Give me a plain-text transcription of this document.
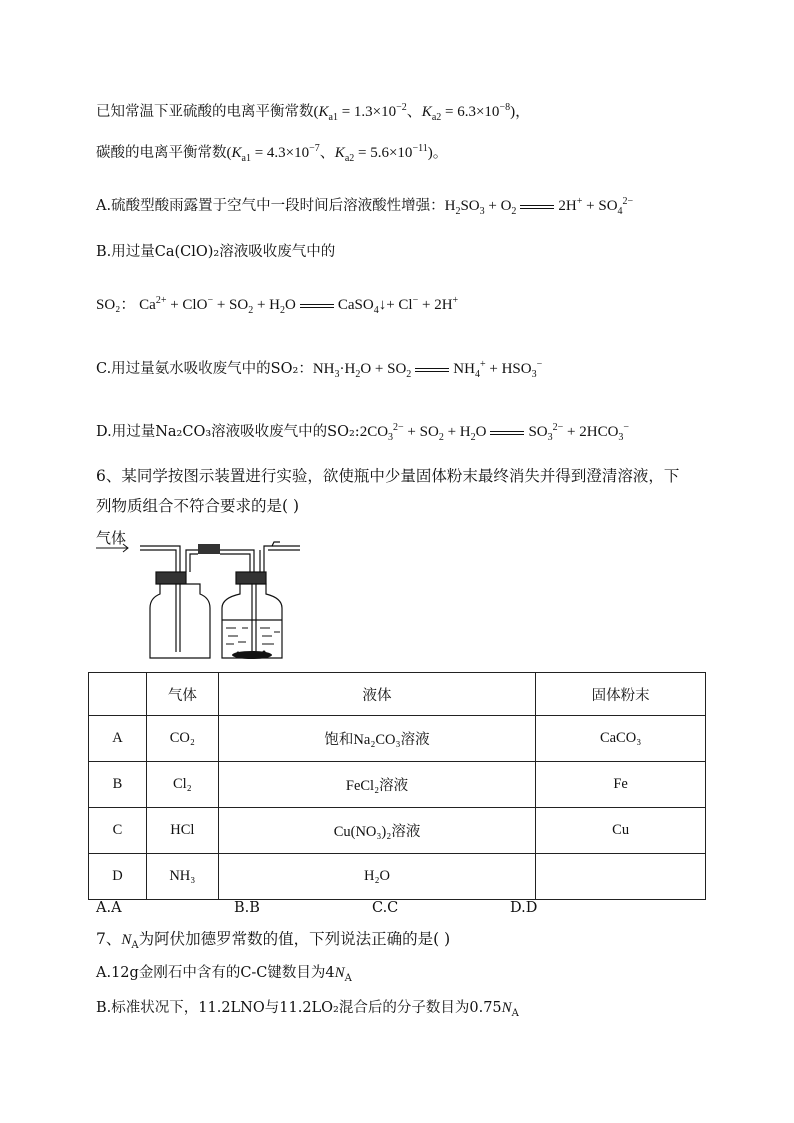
已知常温下亚硫酸的电离平衡常数($K_{a1} = 1.3\times 10^{-2}$、$K_{a2} = 6.3\times 10^{-8}$)，
碳酸的电离平衡常数($K_{a1} = 4.3\times 10^{-7}$、$K_{a2} = 5.6\times 10^{-11}$)。
A.硫酸型酸雨露置于空气中一段时间后溶液酸性增强：$H_2SO_3 + O_2$	$2H^+ + SO_4^{2-}$
B.用过量Ca(ClO)₂溶液吸收废气中的
SO₂： $Ca^{2+} + ClO^- + SO_2 + H_2O$	CaSO$_4$↓+ Cl− + 2H+
C.用过量氨水吸收废气中的SO₂：$NH_3\cdot H_2O + SO_2$	$NH_4^+ + HSO_3^-$
D.用过量Na₂CO₃溶液吸收废气中的$SO_2:2CO_3^{2-} + SO_2 + H_2O$	$SO_3^{2-} + 2HCO_3^-$
6、某同学按图示装置进行实验，欲使瓶中少量固体粉末最终消失并得到澄清溶液，下
列物质组合不符合要求的是( )
气体
	气体	液体	固体粉末
A	CO₂	饱和Na₂CO₃溶液	CaCO₃
B	Cl₂	FeCl₂溶液	Fe
C	HCl	Cu(NO₃)₂溶液	Cu
D	NH₃	H₂O	
A.A	B.B	C.C	D.D
7、$N_A$为阿伏加德罗常数的值，下列说法正确的是( )
A.12g金刚石中含有的C-C键数目为$4N_A$
B.标准状况下，11.2LNO与11.2LO₂混合后的分子数目为$0.75N_A$
